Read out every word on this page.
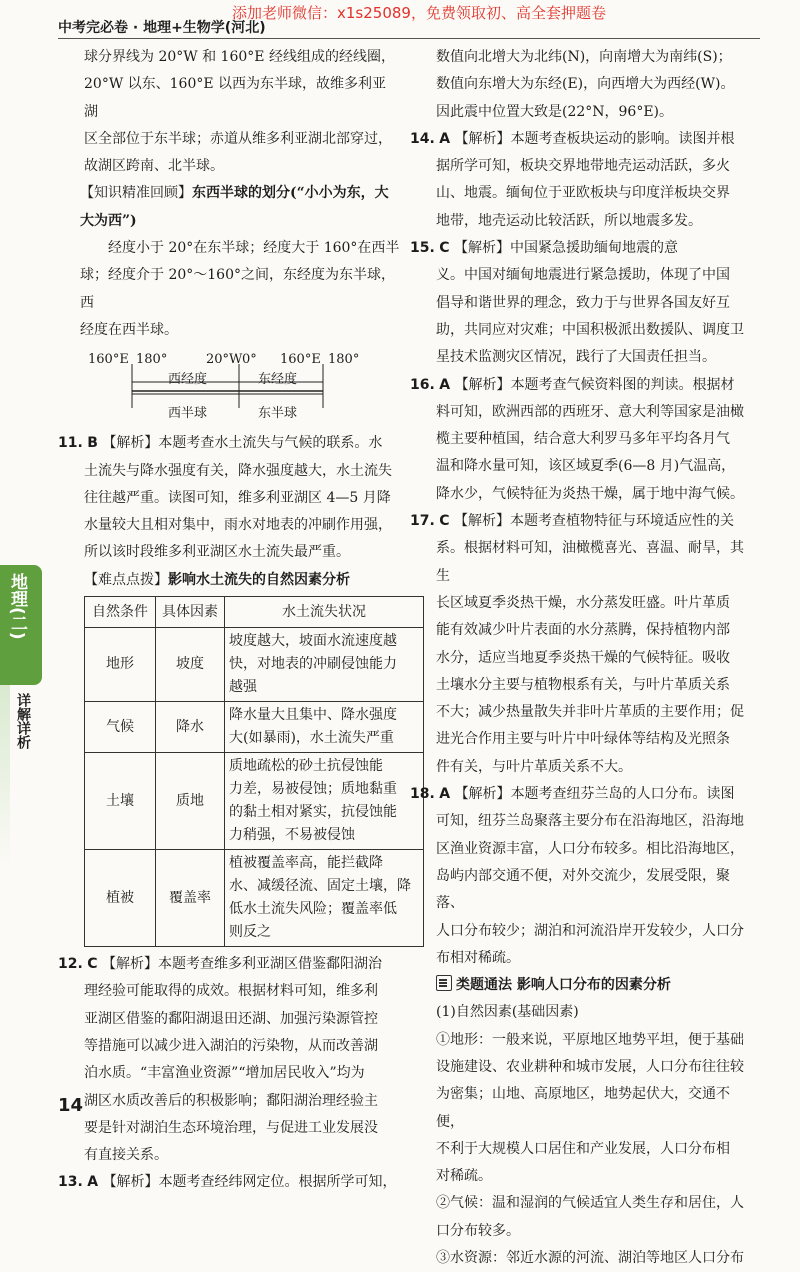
添加老师微信：x1s25089，免费领取初、高全套押题卷
中考完必卷 · 地理+生物学(河北)
地理(二)
详解详析
球分界线为 20°W 和 160°E 经线组成的经线圈，
20°W 以东、160°E 以西为东半球，故维多利亚湖
区全部位于东半球；赤道从维多利亚湖北部穿过，
故湖区跨南、北半球。
【知识精准回顾】东西半球的划分(“小小为东，大
大为西”)
经度小于 20°在东半球；经度大于 160°在西半
球；经度介于 20°～160°之间，东经度为东半球，西
经度在西半球。
160°E 180°	20°W 0° 160°E 180°
西经度	东经度
西半球	东半球
11. B 【解析】本题考查水土流失与气候的联系。水
土流失与降水强度有关，降水强度越大，水土流失
往往越严重。读图可知，维多利亚湖区 4—5 月降
水量较大且相对集中，雨水对地表的冲刷作用强，
所以该时段维多利亚湖区水土流失最严重。
【难点点拨】影响水土流失的自然因素分析
自然条件	具体因素	水土流失状况
地形	坡度	坡度越大，坡面水流速度越
快，对地表的冲刷侵蚀能力
越强

气候	降水	降水量大且集中、降水强度
大(如暴雨)，水土流失严重

土壤	质地	质地疏松的砂土抗侵蚀能
力差，易被侵蚀；质地黏重
的黏土相对紧实，抗侵蚀能
力稍强，不易被侵蚀

植被	覆盖率	植被覆盖率高，能拦截降
水、减缓径流、固定土壤，降
低水土流失风险；覆盖率低
则反之
12. C 【解析】本题考查维多利亚湖区借鉴鄱阳湖治
理经验可能取得的成效。根据材料可知，维多利
亚湖区借鉴的鄱阳湖退田还湖、加强污染源管控
等措施可以减少进入湖泊的污染物，从而改善湖
泊水质。“丰富渔业资源”“增加居民收入”均为
湖区水质改善后的积极影响；鄱阳湖治理经验主
要是针对湖泊生态环境治理，与促进工业发展没
有直接关系。
13. A 【解析】本题考查经纬网定位。根据所学可知，
数值向北增大为北纬(N)，向南增大为南纬(S)；
数值向东增大为东经(E)，向西增大为西经(W)。
因此震中位置大致是(22°N，96°E)。
14. A 【解析】本题考查板块运动的影响。读图并根
据所学可知，板块交界地带地壳运动活跃，多火
山、地震。缅甸位于亚欧板块与印度洋板块交界
地带，地壳运动比较活跃，所以地震多发。
15. C 【解析】中国紧急援助缅甸地震的意
义。中国对缅甸地震进行紧急援助，体现了中国
倡导和谐世界的理念，致力于与世界各国友好互
助，共同应对灾难；中国积极派出数援队、调度卫
星技术监测灾区情况，践行了大国责任担当。
16. A 【解析】本题考查气候资料图的判读。根据材
料可知，欧洲西部的西班牙、意大利等国家是油橄
榄主要种植国，结合意大利罗马多年平均各月气
温和降水量可知，该区域夏季(6—8 月)气温高，
降水少，气候特征为炎热干燥，属于地中海气候。
17. C 【解析】本题考查植物特征与环境适应性的关
系。根据材料可知，油橄榄喜光、喜温、耐旱，其生
长区域夏季炎热干燥，水分蒸发旺盛。叶片革质
能有效减少叶片表面的水分蒸腾，保持植物内部
水分，适应当地夏季炎热干燥的气候特征。吸收
土壤水分主要与植物根系有关，与叶片革质关系
不大；减少热量散失并非叶片革质的主要作用；促
进光合作用主要与叶片中叶绿体等结构及光照条
件有关，与叶片革质关系不大。
18. A 【解析】本题考查纽芬兰岛的人口分布。读图
可知，纽芬兰岛聚落主要分布在沿海地区，沿海地
区渔业资源丰富，人口分布较多。相比沿海地区，
岛屿内部交通不便，对外交流少，发展受限，聚落、
人口分布较少；湖泊和河流沿岸开发较少，人口分
布相对稀疏。
类题通法 影响人口分布的因素分析
(1)自然因素(基础因素)
①地形：一般来说，平原地区地势平坦，便于基础
设施建设、农业耕种和城市发展，人口分布往往较
为密集；山地、高原地区，地势起伏大，交通不便，
不利于大规模人口居住和产业发展，人口分布相
对稀疏。
②气候：温和湿润的气候适宜人类生存和居住，人
口分布较多。
③水资源：邻近水源的河流、湖泊等地区人口分布
14
